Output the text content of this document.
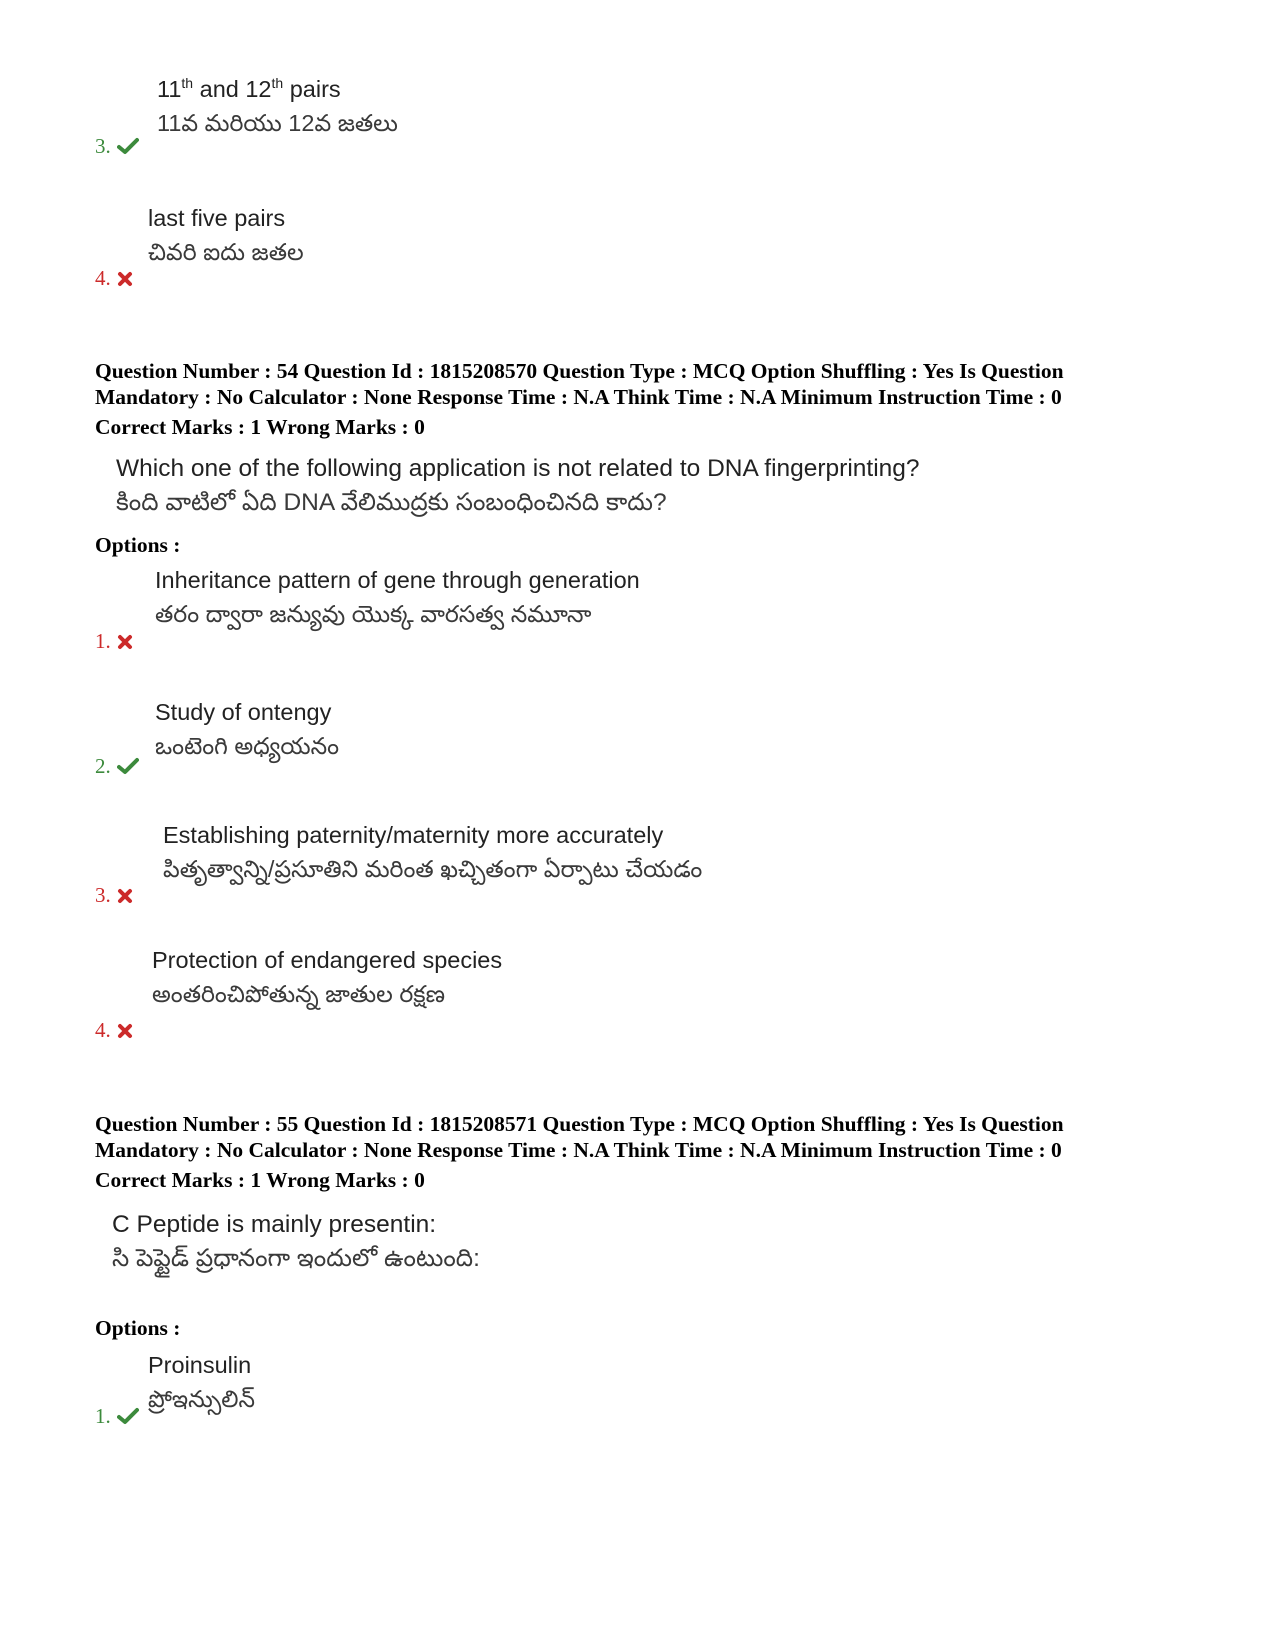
11th and 12th pairs
11వ మరియు 12వ జతలు
3.
last five pairs
చివరి ఐదు జతల
4.
Question Number : 54 Question Id : 1815208570 Question Type : MCQ Option Shuffling : Yes Is Question
Mandatory : No Calculator : None Response Time : N.A Think Time : N.A Minimum Instruction Time : 0
Correct Marks : 1 Wrong Marks : 0
Which one of the following application is not related to DNA fingerprinting?
కింది వాటిలో ఏది DNA వేలిముద్రకు సంబంధించినది కాదు?
Options :
Inheritance pattern of gene through generation
తరం ద్వారా జన్యువు యొక్క వారసత్వ నమూనా
1.
Study of ontengy
ఒంటెంగి అధ్యయనం
2.
Establishing paternity/maternity more accurately
పితృత్వాన్ని/ప్రసూతిని మరింత ఖచ్చితంగా ఏర్పాటు చేయడం
3.
Protection of endangered species
అంతరించిపోతున్న జాతుల రక్షణ
4.
Question Number : 55 Question Id : 1815208571 Question Type : MCQ Option Shuffling : Yes Is Question
Mandatory : No Calculator : None Response Time : N.A Think Time : N.A Minimum Instruction Time : 0
Correct Marks : 1 Wrong Marks : 0
C Peptide is mainly presentin:
సి పెప్టైడ్ ప్రధానంగా ఇందులో ఉంటుంది:
Options :
Proinsulin
ప్రోఇన్సులిన్
1.
